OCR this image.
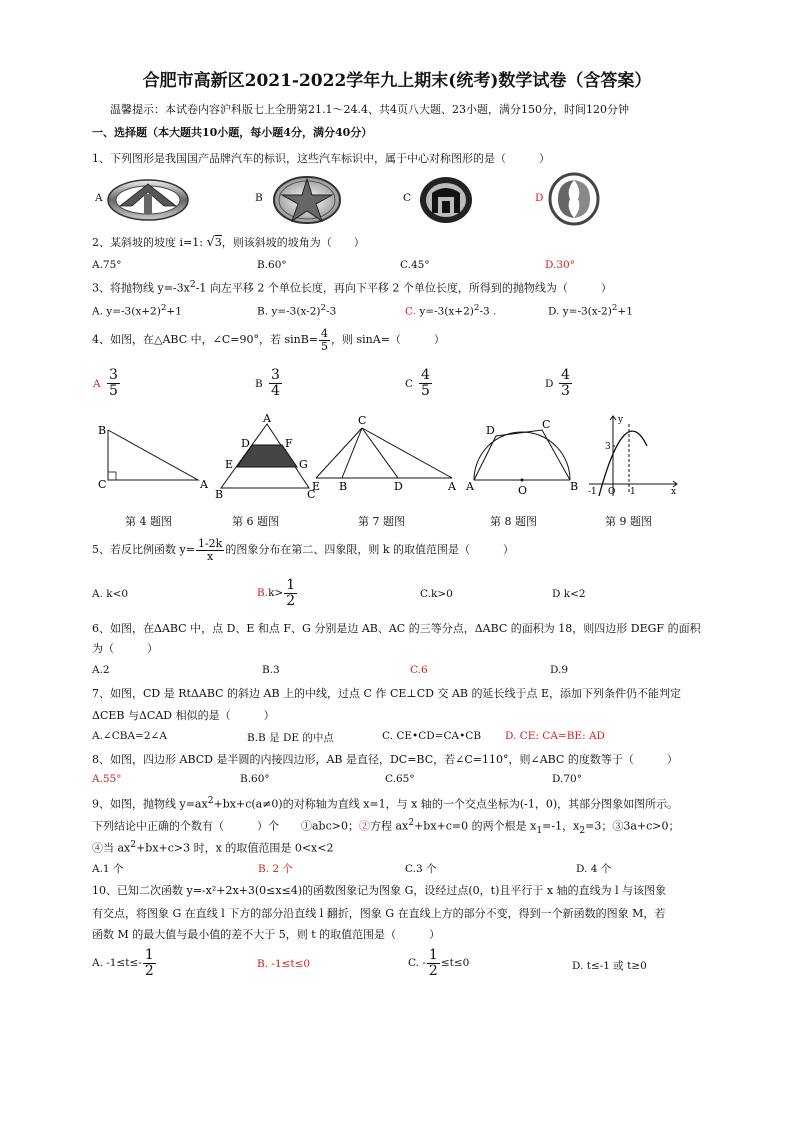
合肥市高新区2021-2022学年九上期末(统考)数学试卷（含答案）
温馨提示：本试卷内容沪科版七上全册第21.1～24.4、共4页八大题、23小题，满分150分，时间120分钟
一、选择题（本大题共10小题，每小题4分，满分40分）
1、下列图形是我国国产品牌汽车的标识，这些汽车标识中，属于中心对称图形的是（　　　）
A	B	C	D
2、某斜坡的坡度 i=1: √3，则该斜坡的坡角为（　　）
A.75°	B.60°	C.45°	D.30°
3、将抛物线 $y=-3x^2-1$ 向左平移 2 个单位长度，再向下平移 2 个单位长度，所得到的抛物线为（　　　）
A. $y=-3(x+2)^2+1$	B. $y=-3(x-2)^2-3$	C. $y=-3(x+2)^2-3$ .	D. $y=-3(x-2)^2+1$
4、如图，在△ABC 中，∠C=90°，若 $\sin B= \frac{4}{5}$ ，则 sinA=（　　　）
A $\frac{3}{5}$	B $\frac{3}{4}$	C $\frac{4}{5}$	D $\frac{4}{3}$
B
C	A
A
D	F
E	G
B	C
C
E B	D	A
D	C
A	O	B
y
3
-1 O 1	x
第 4 题图	第 6 题图	第 7 题图	第 8 题图	第 9 题图
5、若反比例函数 $y= \frac{1-2k}{x}$ 的图象分布在第二、四象限，则 k 的取值范围是（　　　）
A. k<0	$B.k> \frac{1}{2}$	C.k>0	D k<2
6、如图，在ΔABC 中，点 D、E 和点 F、G 分别是边 AB、AC 的三等分点，ΔABC 的面积为 18，则四边形 DEGF 的面积
为（　　　）
A.2	B.3	C.6	D.9
7、如图，CD 是 RtΔABC 的斜边 AB 上的中线，过点 C 作 CE⊥CD 交 AB 的延长线于点 E，添加下列条件仍不能判定
ΔCEB 与ΔCAD 相似的是（　　　）
A.∠CBA=2∠A	B.B 是 DE 的中点	C. CE•CD=CA•CB D. CE: CA=BE: AD
8、如图，四边形 ABCD 是半圆的内接四边形，AB 是直径，DC=BC，若∠C=110°，则∠ABC 的度数等于（　　　）
A.55°	B.60°	C.65°	D.70°
9、如图，抛物线 $y=ax^2+bx+c(a\ne 0)$的对称轴为直线 x=1，与 x 轴的一个交点坐标为(-1，0)，其部分图象如图所示。
下列结论中正确的个数有（　　　）个　　①abc>0；②方程 $ax^2+bx+c=0$ 的两个根是 $x_1=-1$，$x_2=3$；③3a+c>0；
④当 $ax^2+bx+c>3$ 时，x 的取值范围是 0<x<2
A.1 个	B. 2 个	C.3 个	D. 4 个
10、已知二次函数 y=-x²+2x+3(0≤x≤4)的函数图象记为图象 G，设经过点(0，t)且平行于 x 轴的直线为 l 与该图象
有交点，将图象 G 在直线 l 下方的部分沿直线 l 翻折，图象 G 在直线上方的部分不变，得到一个新函数的图象 M，若
函数 M 的最大值与最小值的差不大于 5，则 t 的取值范围是（　　　）
A. $-1\le t\le- \frac{1}{2}$	B. -1≤t≤0	C. - $\frac{1}{2} \le t\le 0$	D. t≤-1 或 t≥0
